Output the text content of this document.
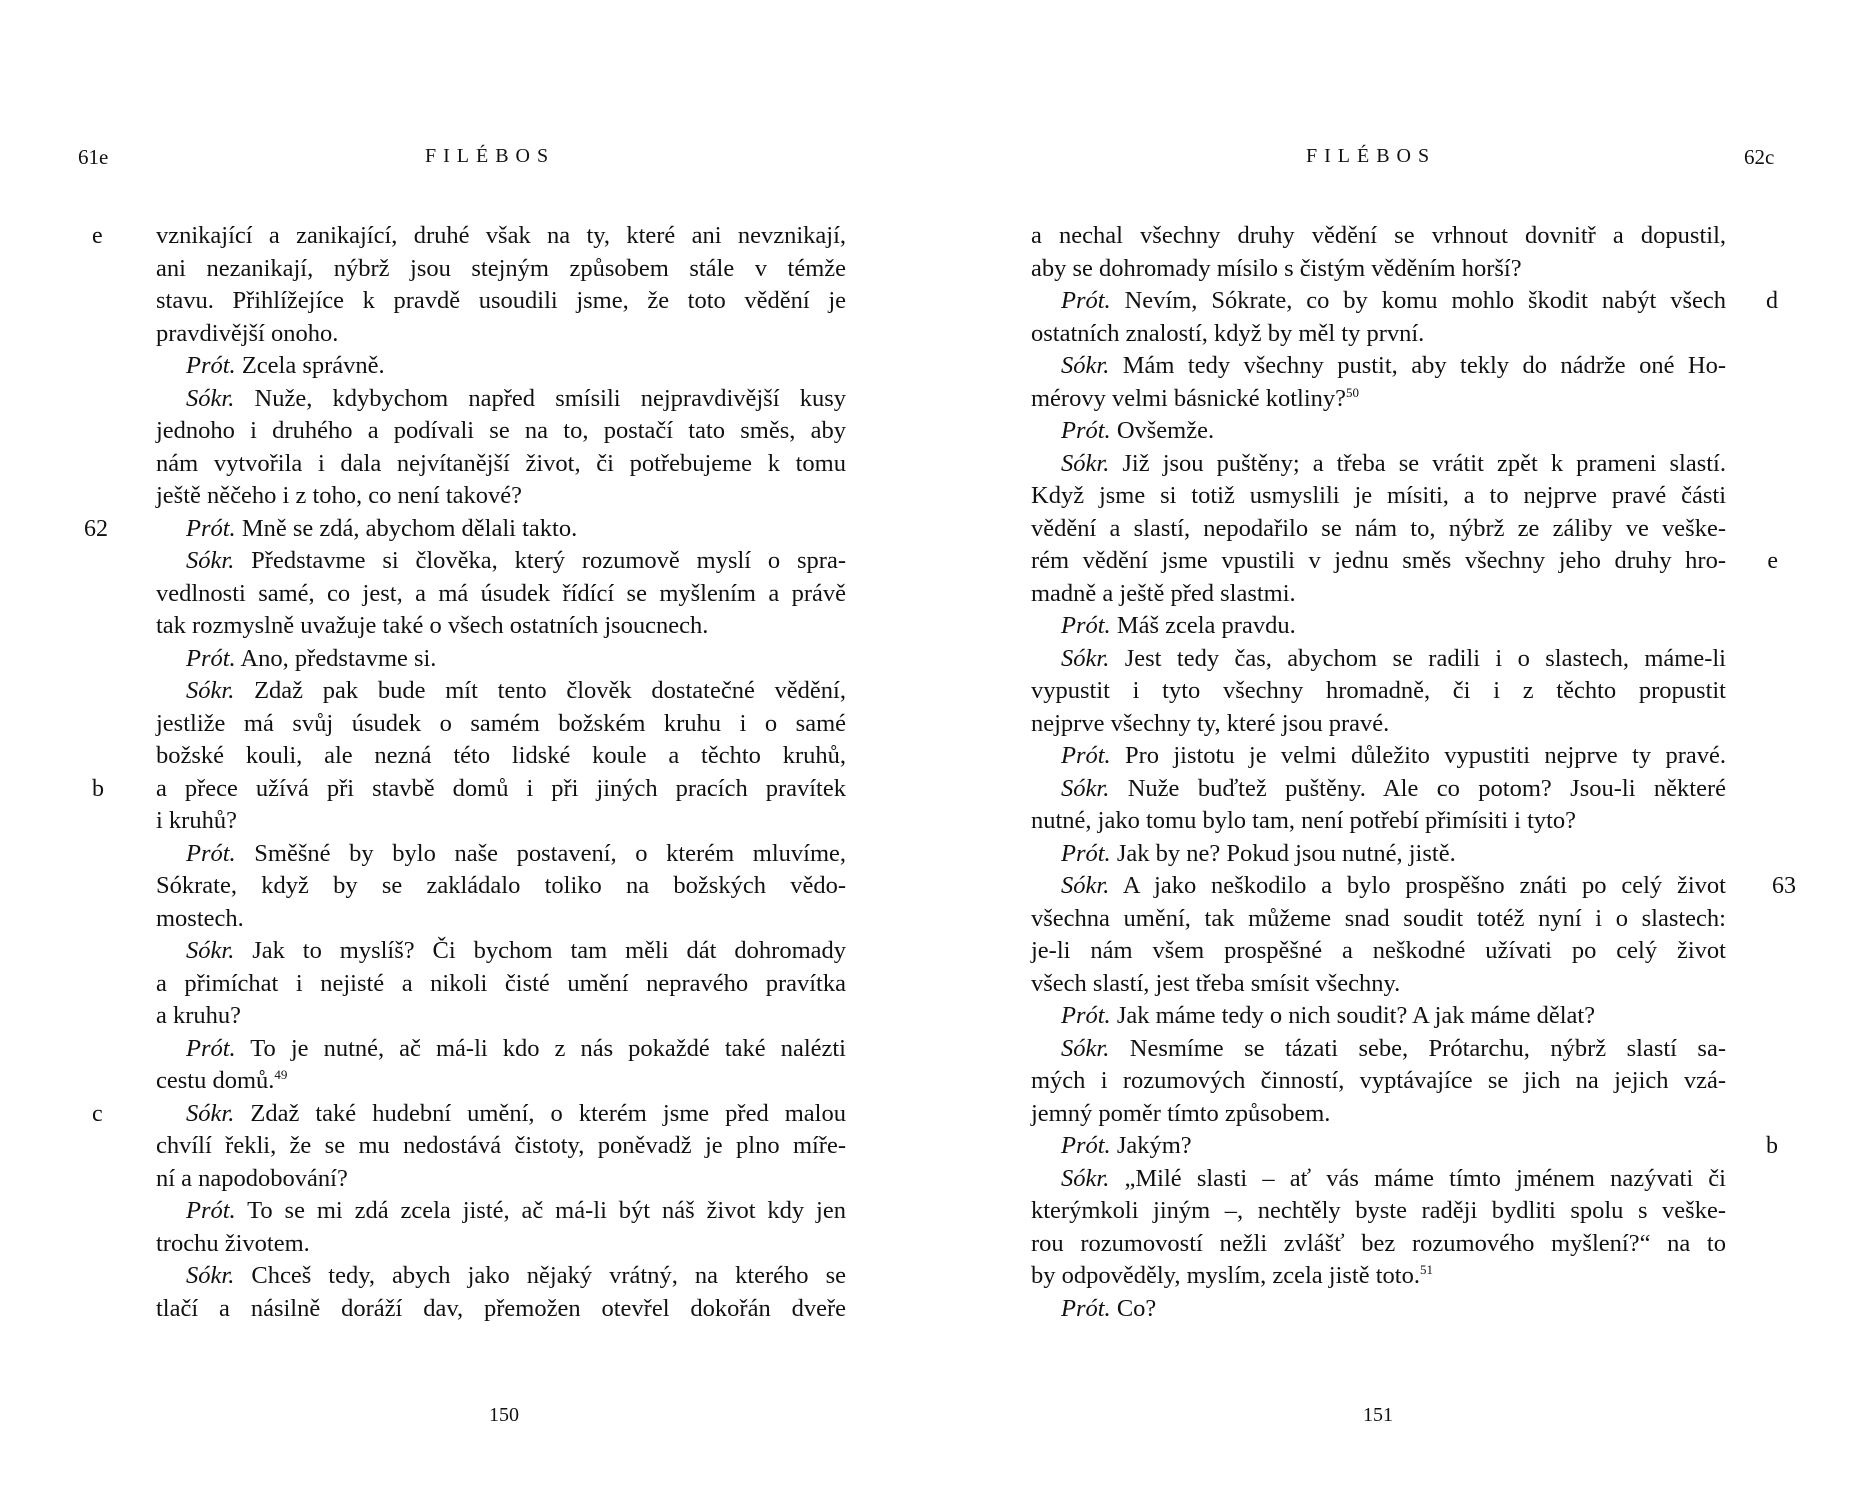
61e	FILÉBOS
e vznikající a zanikající, druhé však na ty, které ani nevznikají,
ani nezanikají, nýbrž jsou stejným způsobem stále v témže
stavu. Přihlížejíce k pravdě usoudili jsme, že toto vědění je
pravdivější onoho.
Prót. Zcela správně.
Sókr. Nuže, kdybychom napřed smísili nejpravdivější kusy
jednoho i druhého a podívali se na to, postačí tato směs, aby
nám vytvořila i dala nejvítanější život, či potřebujeme k tomu
ještě něčeho i z toho, co není takové?
62	Prót. Mně se zdá, abychom dělali takto.
Sókr. Představme si člověka, který rozumově myslí o spra-
vedlnosti samé, co jest, a má úsudek řídící se myšlením a právě
tak rozmyslně uvažuje také o všech ostatních jsoucnech.
Prót. Ano, představme si.
Sókr. Zdaž pak bude mít tento člověk dostatečné vědění,
jestliže má svůj úsudek o samém božském kruhu i o samé
božské kouli, ale nezná této lidské koule a těchto kruhů,
b a přece užívá při stavbě domů i při jiných pracích pravítek
i kruhů?
Prót. Směšné by bylo naše postavení, o kterém mluvíme,
Sókrate, když by se zakládalo toliko na božských vědo-
mostech.
Sókr. Jak to myslíš? Či bychom tam měli dát dohromady
a přimíchat i nejisté a nikoli čisté umění nepravého pravítka
a kruhu?
Prót. To je nutné, ač má-li kdo z nás pokaždé také nalézti
cestu domů.$^{49}$
c	Sókr. Zdaž také hudební umění, o kterém jsme před malou
chvílí řekli, že se mu nedostává čistoty, poněvadž je plno míře-
ní a napodobování?
Prót. To se mi zdá zcela jisté, ač má-li být náš život kdy jen
trochu životem.
Sókr. Chceš tedy, abych jako nějaký vrátný, na kterého se
tlačí a násilně doráží dav, přemožen otevřel dokořán dveře
150
FILÉBOS	62c
a nechal všechny druhy vědění se vrhnout dovnitř a dopustil,
aby se dohromady mísilo s čistým věděním horší?
d
Prót. Nevím, Sókrate, co by komu mohlo škodit nabýt všech
ostatních znalostí, když by měl ty první.
Sókr. Mám tedy všechny pustit, aby tekly do nádrže oné Ho-
mérovy velmi básnické kotliny?$^{50}$
Prót. Ovšemže.
Sókr. Již jsou puštěny; a třeba se vrátit zpět k prameni slastí.
Když jsme si totiž usmyslili je mísiti, a to nejprve pravé části
vědění a slastí, nepodařilo se nám to, nýbrž ze záliby ve veške-
e
rém vědění jsme vpustili v jednu směs všechny jeho druhy hro-
madně a ještě před slastmi.
Prót. Máš zcela pravdu.
Sókr. Jest tedy čas, abychom se radili i o slastech, máme-li
vypustit i tyto všechny hromadně, či i z těchto propustit
nejprve všechny ty, které jsou pravé.
Prót. Pro jistotu je velmi důležito vypustiti nejprve ty pravé.
Sókr. Nuže buďtež puštěny. Ale co potom? Jsou-li některé
nutné, jako tomu bylo tam, není potřebí přimísiti i tyto?
Prót. Jak by ne? Pokud jsou nutné, jistě.
63
Sókr. A jako neškodilo a bylo prospěšno znáti po celý život
všechna umění, tak můžeme snad soudit totéž nyní i o slastech:
je-li nám všem prospěšné a neškodné užívati po celý život
všech slastí, jest třeba smísit všechny.
Prót. Jak máme tedy o nich soudit? A jak máme dělat?
Sókr. Nesmíme se tázati sebe, Prótarchu, nýbrž slastí sa-
mých i rozumových činností, vyptávajíce se jich na jejich vzá-
jemný poměr tímto způsobem.
b
Prót. Jakým?
Sókr. „Milé slasti – ať vás máme tímto jménem nazývati či
kterýmkoli jiným –, nechtěly byste raději bydliti spolu s veške-
rou rozumovostí nežli zvlášť bez rozumového myšlení?“ na to
by odpověděly, myslím, zcela jistě toto.$^{51}$
Prót. Co?
151
